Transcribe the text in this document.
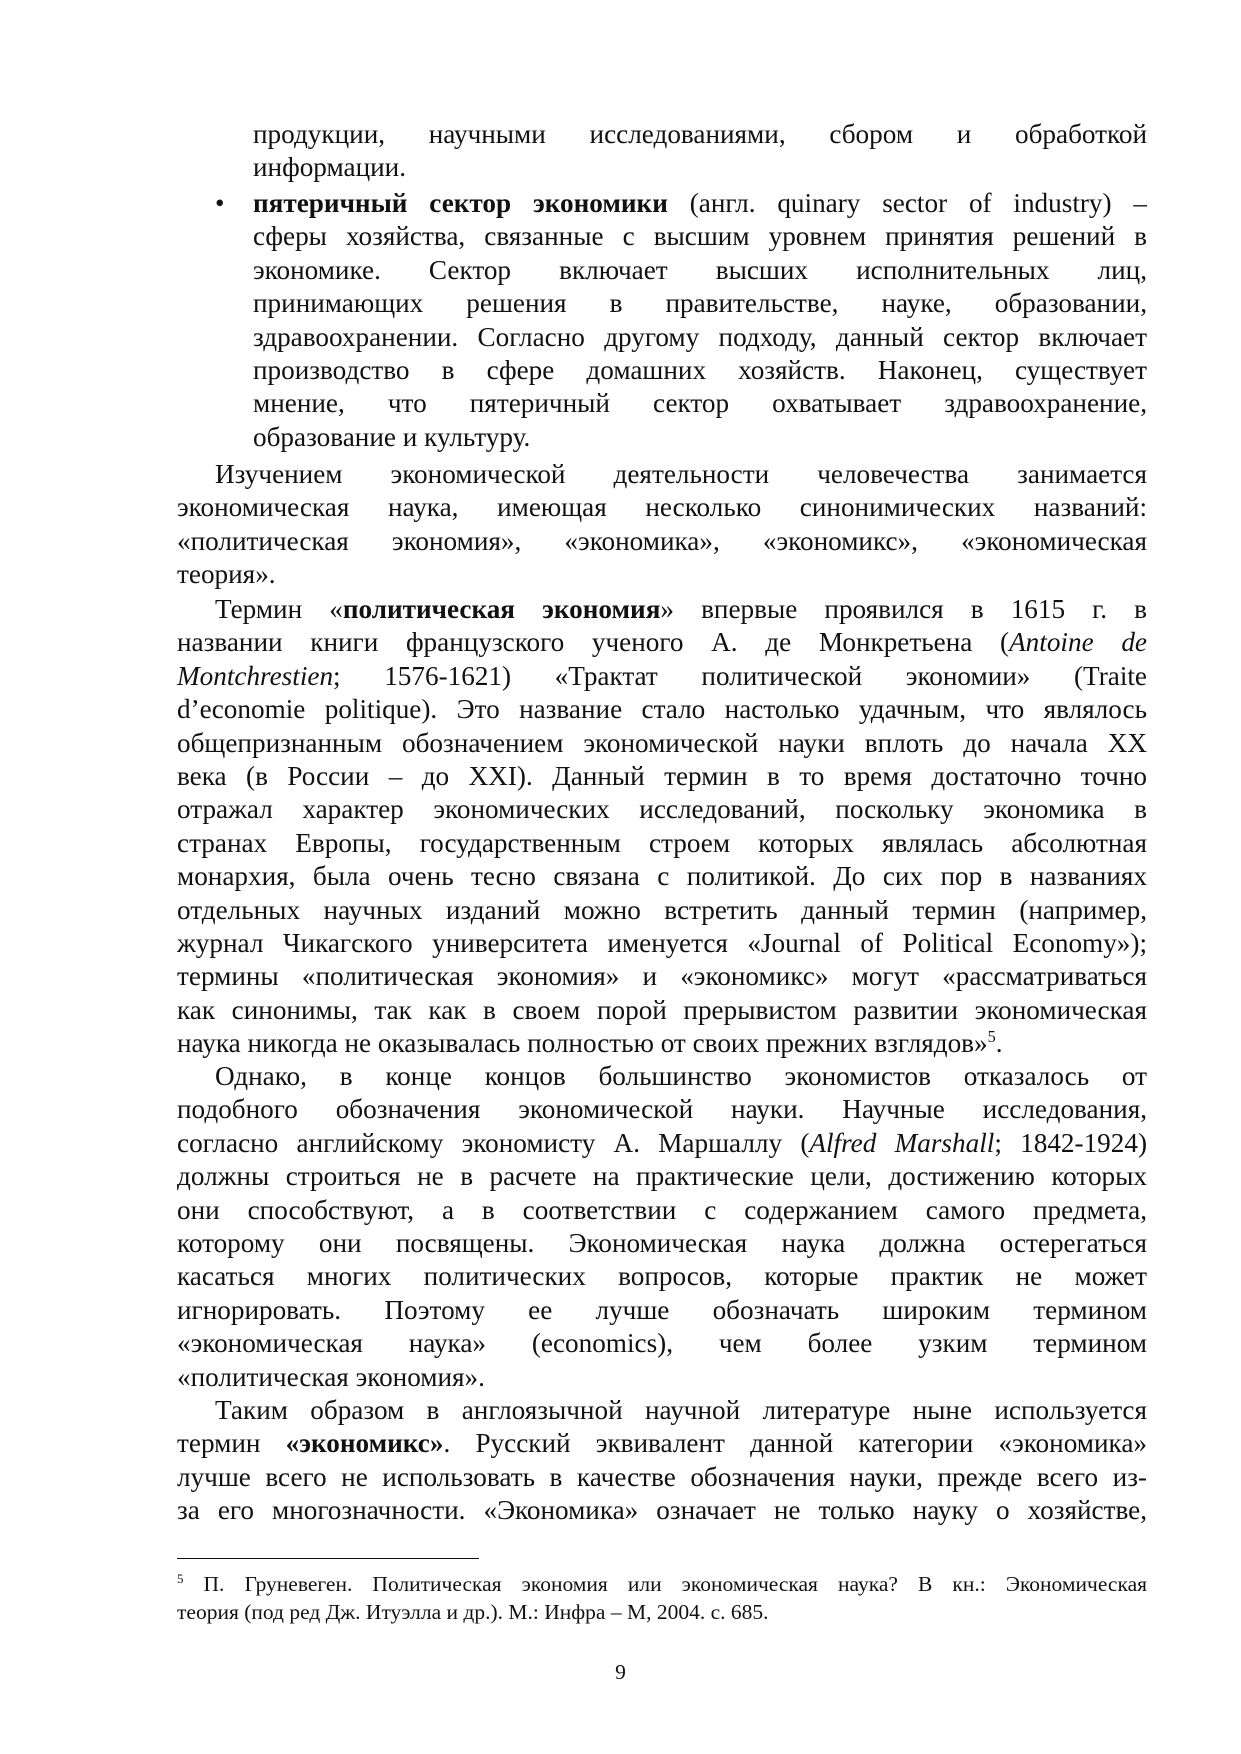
продукции, научными исследованиями, сбором и обработкой

информации.

•	пятеричный сектор экономики (англ. quinary sector of industry) –

сферы хозяйства, связанные с высшим уровнем принятия решений в

экономике. Сектор включает высших исполнительных лиц,

принимающих решения в правительстве, науке, образовании,

здравоохранении. Согласно другому подходу, данный сектор включает

производство в сфере домашних хозяйств. Наконец, существует

мнение, что пятеричный сектор охватывает здравоохранение,

образование и культуру.

Изучением экономической деятельности человечества занимается

экономическая наука, имеющая несколько синонимических названий:

«политическая экономия», «экономика», «экономикс», «экономическая

теория».

Термин «политическая экономия» впервые проявился в 1615 г. в

названии книги французского ученого А. де Монкретьена (Antoine de

Montchrestien; 1576-1621) «Трактат политической экономии» (Traite

d’economie politique). Это название стало настолько удачным, что являлось

общепризнанным обозначением экономической науки вплоть до начала XX

века (в России – до XXI). Данный термин в то время достаточно точно

отражал характер экономических исследований, поскольку экономика в

странах Европы, государственным строем которых являлась абсолютная

монархия, была очень тесно связана с политикой. До сих пор в названиях

отдельных научных изданий можно встретить данный термин (например,

журнал Чикагского университета именуется «Journal of Political Economy»);

термины «политическая экономия» и «экономикс» могут «рассматриваться

как синонимы, так как в своем порой прерывистом развитии экономическая

наука никогда не оказывалась полностью от своих прежних взглядов»$^5$.

Однако, в конце концов большинство экономистов отказалось от

подобного обозначения экономической науки. Научные исследования,

согласно английскому экономисту А. Маршаллу (Alfred Marshall; 1842-1924)

должны строиться не в расчете на практические цели, достижению которых

они способствуют, а в соответствии с содержанием самого предмета,

которому они посвящены. Экономическая наука должна остерегаться

касаться многих политических вопросов, которые практик не может

игнорировать. Поэтому ее лучше обозначать широким термином

«экономическая наука» (economics), чем более узким термином

«политическая экономия».

Таким образом в англоязычной научной литературе ныне используется

термин «экономикс». Русский эквивалент данной категории «экономика»

лучше всего не использовать в качестве обозначения науки, прежде всего из-

за его многозначности. «Экономика» означает не только науку о хозяйстве,

$^5$ П. Груневеген. Политическая экономия или экономическая наука? В кн.: Экономическая

теория (под ред Дж. Итуэлла и др.). М.: Инфра – М, 2004. с. 685.

9
